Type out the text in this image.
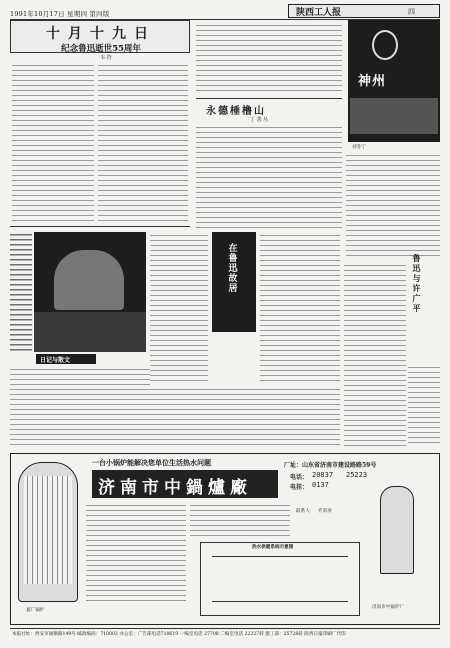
1991年10月17日 星期四 第四版	陕西工人报	四
十月十九日
纪念鲁迅逝世55周年
韦 符
神州
刘冬宁
永德棰橹山
丁 善 丛
在鲁迅故居
日记与散文
鲁迅与许广平
一台小锅炉能解决您单位生活热水问题
济南市中鍋爐廠
厂址：山东省济南市建设路路59号
电话： 20837 25223
电挂： 0137
寰厂锅炉
联系人： 乔荣涛
热水供暖系统示意图
济南市中锅炉厂
本报社址：西安市通顺路149号 邮政编码：710003 办公室：广告部电话710619 一编室电话 27708 二编室电话 22227转 群工部：25728转 陕西日报印刷厂代印
